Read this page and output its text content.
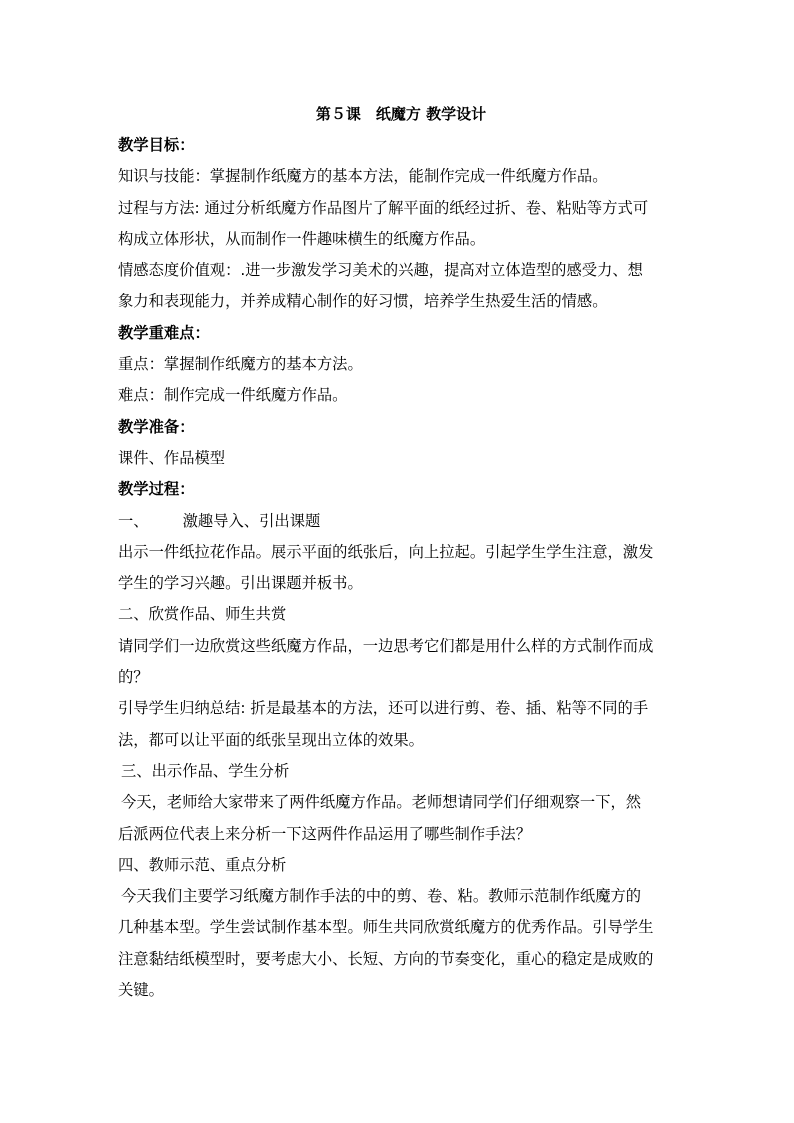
第５课　纸魔方 教学设计
教学目标：
知识与技能：掌握制作纸魔方的基本方法，能制作完成一件纸魔方作品。
过程与方法: 通过分析纸魔方作品图片了解平面的纸经过折、卷、粘贴等方式可
构成立体形状，从而制作一件趣味横生的纸魔方作品。
情感态度价值观：.进一步激发学习美术的兴趣，提高对立体造型的感受力、想
象力和表现能力，并养成精心制作的好习惯，培养学生热爱生活的情感。
教学重难点：
重点：掌握制作纸魔方的基本方法。
难点：制作完成一件纸魔方作品。
教学准备：
课件、作品模型
教学过程：
一、 激趣导入、引出课题
出示一件纸拉花作品。展示平面的纸张后，向上拉起。引起学生学生注意，激发
学生的学习兴趣。引出课题并板书。
二、欣赏作品、师生共赏
请同学们一边欣赏这些纸魔方作品，一边思考它们都是用什么样的方式制作而成
的？
引导学生归纳总结: 折是最基本的方法，还可以进行剪、卷、插、粘等不同的手
法，都可以让平面的纸张呈现出立体的效果。
三、出示作品、学生分析
今天，老师给大家带来了两件纸魔方作品。老师想请同学们仔细观察一下，然
后派两位代表上来分析一下这两件作品运用了哪些制作手法？
四、教师示范、重点分析
今天我们主要学习纸魔方制作手法的中的剪、卷、粘。教师示范制作纸魔方的
几种基本型。学生尝试制作基本型。师生共同欣赏纸魔方的优秀作品。引导学生
注意黏结纸模型时，要考虑大小、长短、方向的节奏变化，重心的稳定是成败的
关键。
